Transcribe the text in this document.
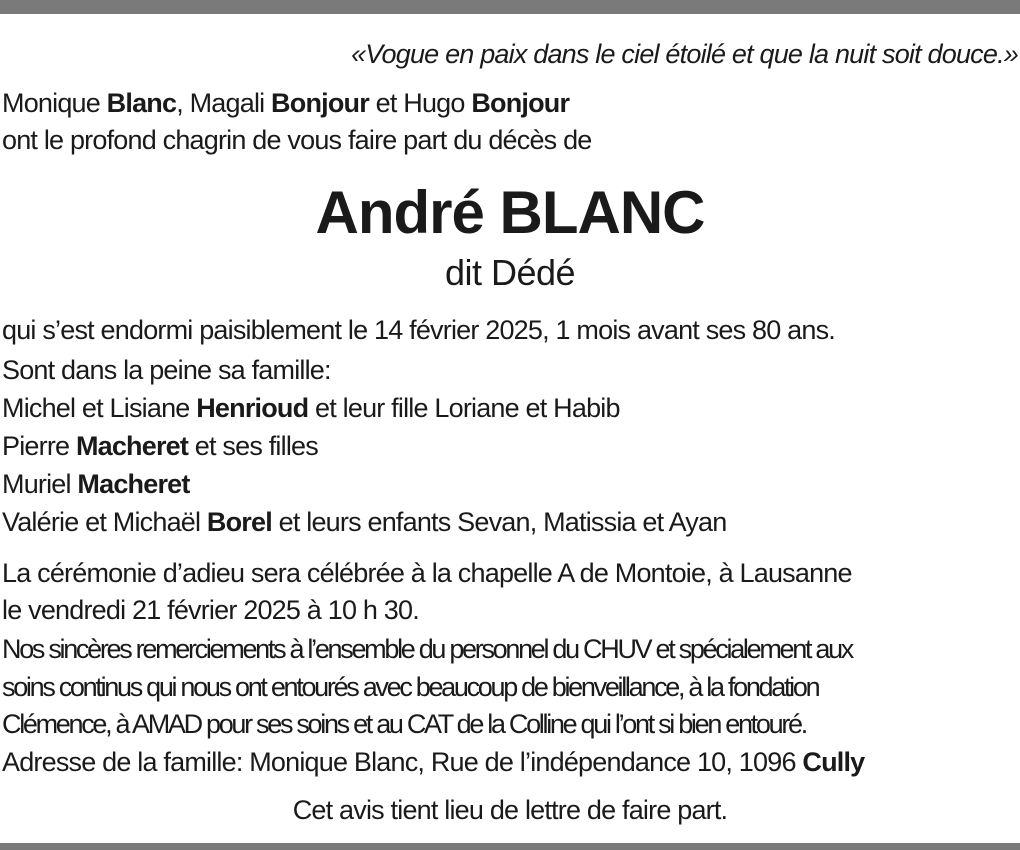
«Vogue en paix dans le ciel étoilé et que la nuit soit douce.»
Monique Blanc, Magali Bonjour et Hugo Bonjour
ont le profond chagrin de vous faire part du décès de
André BLANC
dit Dédé
qui s’est endormi paisiblement le 14 février 2025, 1 mois avant ses 80 ans.
Sont dans la peine sa famille:
Michel et Lisiane Henrioud et leur fille Loriane et Habib
Pierre Macheret et ses filles
Muriel Macheret
Valérie et Michaël Borel et leurs enfants Sevan, Matissia et Ayan
La cérémonie d’adieu sera célébrée à la chapelle A de Montoie, à Lausanne
le vendredi 21 février 2025 à 10 h 30.
Nos sincères remerciements à l’ensemble du personnel du CHUV et spécialement aux
soins continus qui nous ont entourés avec beaucoup de bienveillance, à la fondation
Clémence, à AMAD pour ses soins et au CAT de la Colline qui l’ont si bien entouré.
Adresse de la famille: Monique Blanc, Rue de l’indépendance 10, 1096 Cully
Cet avis tient lieu de lettre de faire part.
